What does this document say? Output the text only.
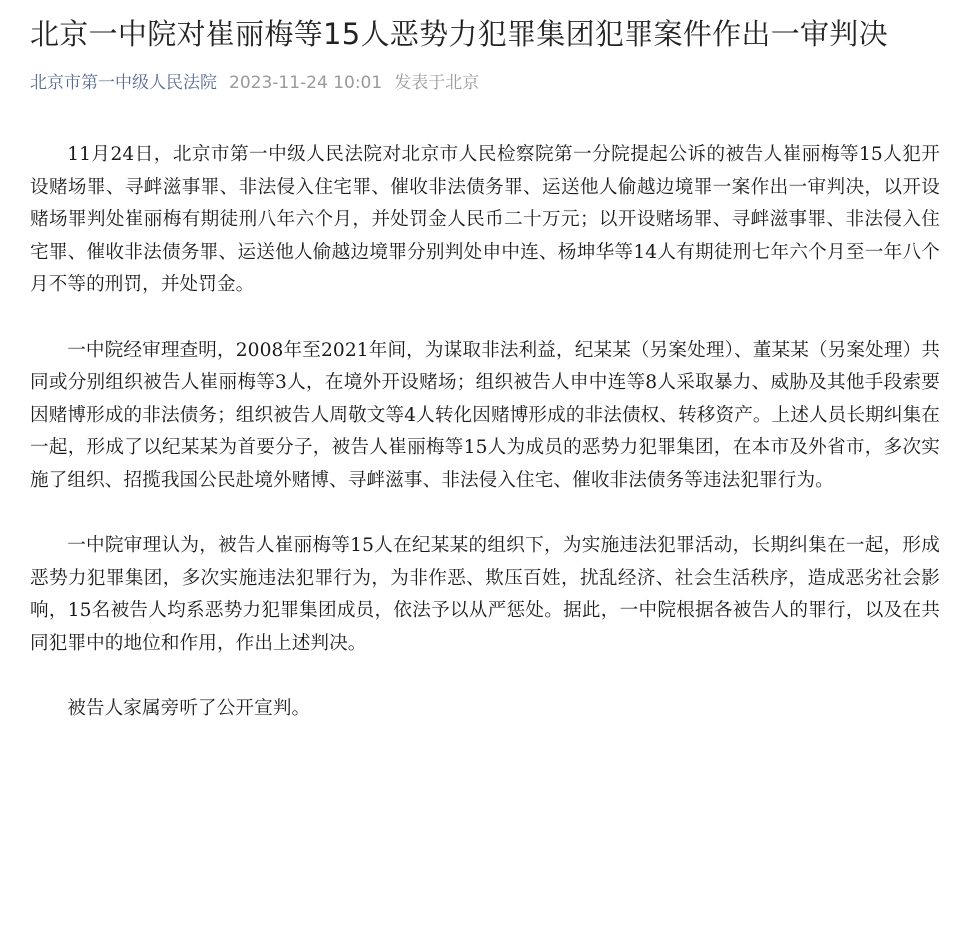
北京一中院对崔丽梅等15人恶势力犯罪集团犯罪案件作出一审判决
北京市第一中级人民法院 2023-11-24 10:01 发表于北京

11月24日，北京市第一中级人民法院对北京市人民检察院第一分院提起公诉的被告人崔丽梅等15人犯开设赌场罪、寻衅滋事罪、非法侵入住宅罪、催收非法债务罪、运送他人偷越边境罪一案作出一审判决，以开设赌场罪判处崔丽梅有期徒刑八年六个月，并处罚金人民币二十万元；以开设赌场罪、寻衅滋事罪、非法侵入住宅罪、催收非法债务罪、运送他人偷越边境罪分别判处申中连、杨坤华等14人有期徒刑七年六个月至一年八个月不等的刑罚，并处罚金。

一中院经审理查明，2008年至2021年间，为谋取非法利益，纪某某（另案处理）、董某某（另案处理）共同或分别组织被告人崔丽梅等3人，在境外开设赌场；组织被告人申中连等8人采取暴力、威胁及其他手段索要因赌博形成的非法债务；组织被告人周敬文等4人转化因赌博形成的非法债权、转移资产。上述人员长期纠集在一起，形成了以纪某某为首要分子，被告人崔丽梅等15人为成员的恶势力犯罪集团，在本市及外省市，多次实施了组织、招揽我国公民赴境外赌博、寻衅滋事、非法侵入住宅、催收非法债务等违法犯罪行为。

一中院审理认为，被告人崔丽梅等15人在纪某某的组织下，为实施违法犯罪活动，长期纠集在一起，形成恶势力犯罪集团，多次实施违法犯罪行为，为非作恶、欺压百姓，扰乱经济、社会生活秩序，造成恶劣社会影响，15名被告人均系恶势力犯罪集团成员，依法予以从严惩处。据此，一中院根据各被告人的罪行，以及在共同犯罪中的地位和作用，作出上述判决。

被告人家属旁听了公开宣判。
